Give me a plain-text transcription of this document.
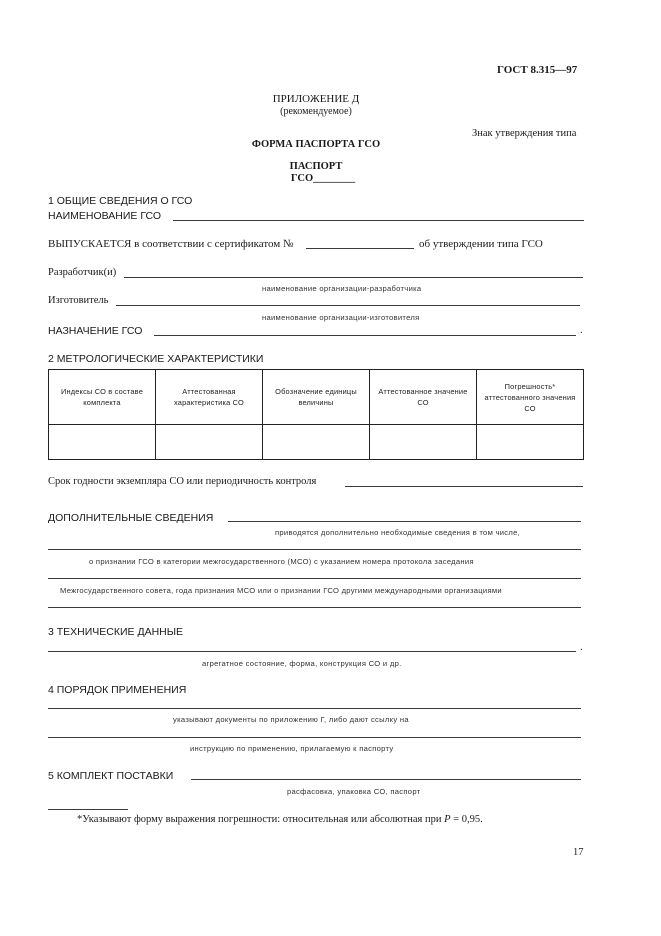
ГОСТ 8.315—97
ПРИЛОЖЕНИЕ Д
(рекомендуемое)
Знак утверждения типа
ФОРМА ПАСПОРТА ГСО
ПАСПОРТ
ГСО________
1 ОБЩИЕ СВЕДЕНИЯ О ГСО
НАИМЕНОВАНИЕ ГСО
ВЫПУСКАЕТСЯ в соответствии с сертификатом №	об утверждении типа ГСО
Разработчик(и)
наименование организации-разработчика
Изготовитель
наименование организации-изготовителя
НАЗНАЧЕНИЕ ГСО	.
2 МЕТРОЛОГИЧЕСКИЕ ХАРАКТЕРИСТИКИ
Индексы СО в составе комплекта	Аттестованная характеристика СО	Обозначение единицы величины	Аттестованное значение СО	Погрешность* аттестованного значения СО

Срок годности экземпляра СО или периодичность контроля
ДОПОЛНИТЕЛЬНЫЕ СВЕДЕНИЯ
приводятся дополнительно необходимые сведения в том числе,
о признании ГСО в категории межгосударственного (МСО) с указанием номера протокола заседания
Межгосударственного совета, года признания МСО или о признании ГСО другими международными организациями
3 ТЕХНИЧЕСКИЕ ДАННЫЕ
.
агрегатное состояние, форма, конструкция СО и др.
4 ПОРЯДОК ПРИМЕНЕНИЯ
указывают документы по приложению Г, либо дают ссылку на
инструкцию по применению, прилагаемую к паспорту
5 КОМПЛЕКТ ПОСТАВКИ
расфасовка, упаковка СО, паспорт
*Указывают форму выражения погрешности: относительная или абсолютная при P = 0,95.
17
